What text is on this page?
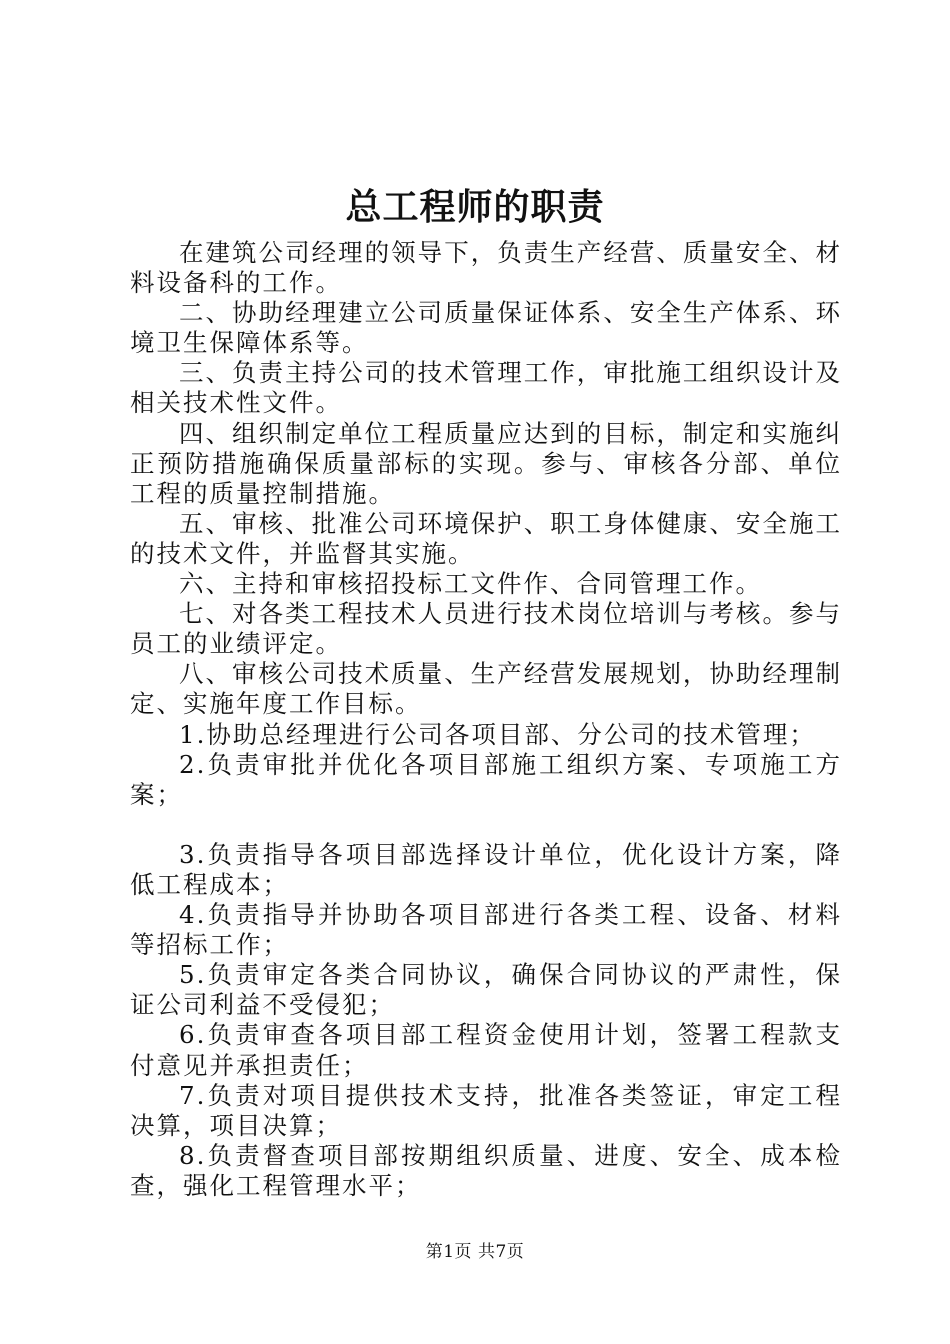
总工程师的职责

在建筑公司经理的领导下，负责生产经营、质量安全、材料设备科的工作。

二、协助经理建立公司质量保证体系、安全生产体系、环境卫生保障体系等。

三、负责主持公司的技术管理工作，审批施工组织设计及相关技术性文件。

四、组织制定单位工程质量应达到的目标，制定和实施纠正预防措施确保质量部标的实现。参与、审核各分部、单位工程的质量控制措施。

五、审核、批准公司环境保护、职工身体健康、安全施工的技术文件，并监督其实施。

六、主持和审核招投标工文件作、合同管理工作。

七、对各类工程技术人员进行技术岗位培训与考核。参与员工的业绩评定。

八、审核公司技术质量、生产经营发展规划，协助经理制定、实施年度工作目标。

1.协助总经理进行公司各项目部、分公司的技术管理；

2.负责审批并优化各项目部施工组织方案、专项施工方案；

3.负责指导各项目部选择设计单位，优化设计方案，降低工程成本；

4.负责指导并协助各项目部进行各类工程、设备、材料等招标工作；

5.负责审定各类合同协议，确保合同协议的严肃性，保证公司利益不受侵犯；

6.负责审查各项目部工程资金使用计划，签署工程款支付意见并承担责任；

7.负责对项目提供技术支持，批准各类签证，审定工程决算，项目决算；

8.负责督查项目部按期组织质量、进度、安全、成本检查，强化工程管理水平；

第1页 共7页
